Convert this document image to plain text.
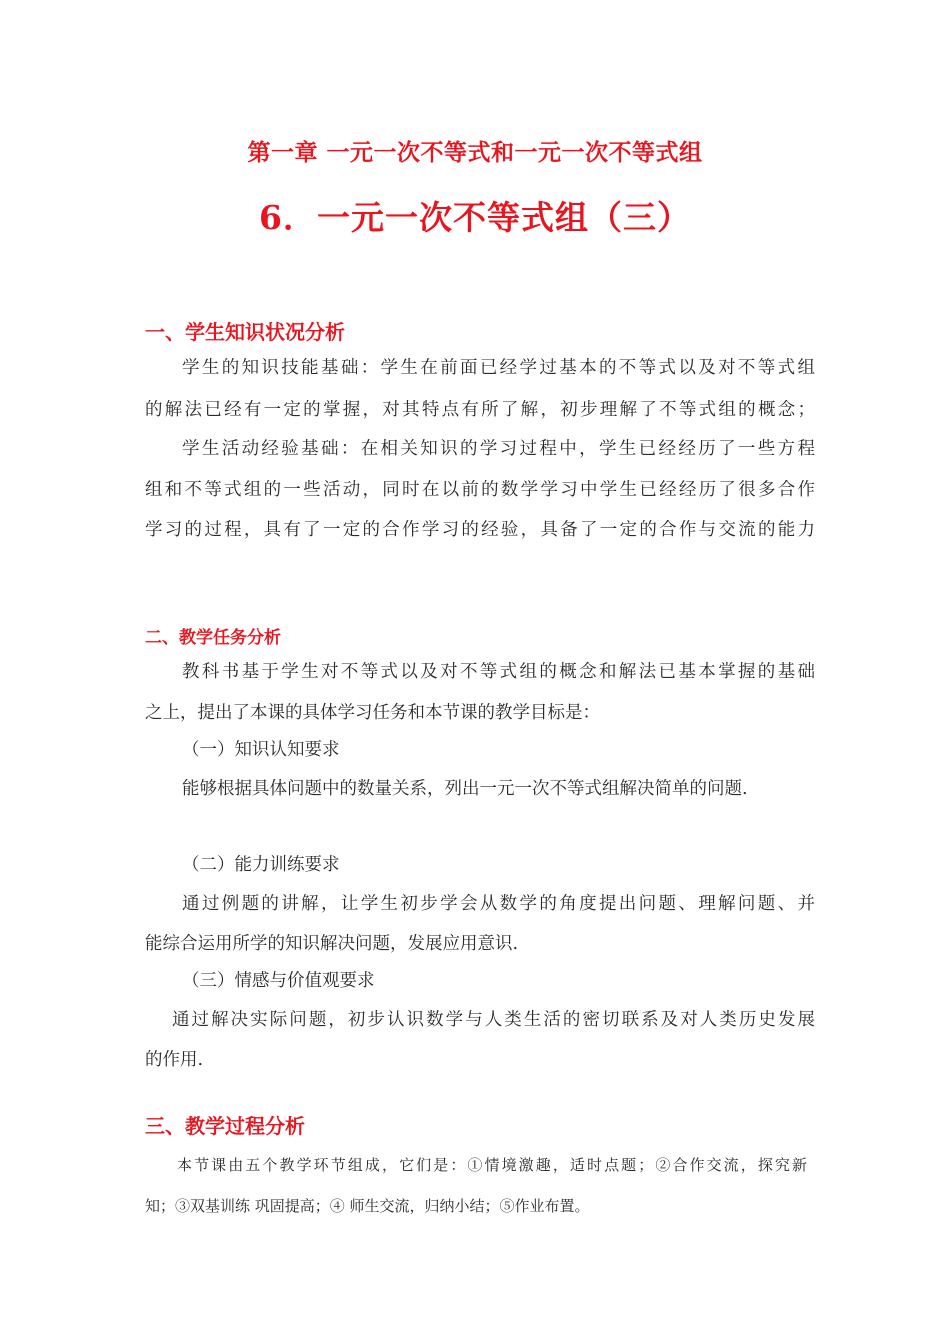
第一章 一元一次不等式和一元一次不等式组
6．一元一次不等式组（三）
一、学生知识状况分析
学生的知识技能基础：学生在前面已经学过基本的不等式以及对不等式组
的解法已经有一定的掌握，对其特点有所了解，初步理解了不等式组的概念；
学生活动经验基础：在相关知识的学习过程中，学生已经经历了一些方程
组和不等式组的一些活动，同时在以前的数学学习中学生已经经历了很多合作
学习的过程，具有了一定的合作学习的经验，具备了一定的合作与交流的能力
二、教学任务分析
教科书基于学生对不等式以及对不等式组的概念和解法已基本掌握的基础
之上，提出了本课的具体学习任务和本节课的教学目标是：
（一）知识认知要求
能够根据具体问题中的数量关系，列出一元一次不等式组解决简单的问题.
（二）能力训练要求
通过例题的讲解，让学生初步学会从数学的角度提出问题、理解问题、并
能综合运用所学的知识解决问题，发展应用意识.
（三）情感与价值观要求
通过解决实际问题，初步认识数学与人类生活的密切联系及对人类历史发展
的作用.
三、教学过程分析
本节课由五个教学环节组成，它们是：①情境激趣，适时点题；②合作交流，探究新
知；③双基训练 巩固提高；④ 师生交流，归纳小结；⑤作业布置。
